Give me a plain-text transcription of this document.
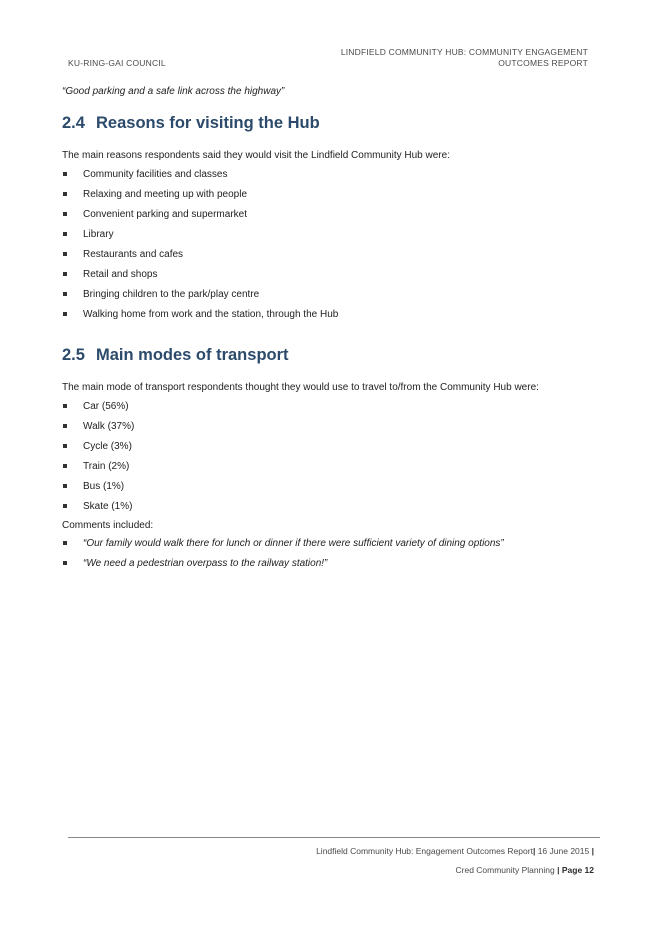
KU-RING-GAI COUNCIL
LINDFIELD COMMUNITY HUB: COMMUNITY ENGAGEMENT
OUTCOMES REPORT

“Good parking and a safe link across the highway”

2.4 Reasons for visiting the Hub

The main reasons respondents said they would visit the Lindfield Community Hub were:

Community facilities and classes
Relaxing and meeting up with people
Convenient parking and supermarket
Library
Restaurants and cafes
Retail and shops
Bringing children to the park/play centre
Walking home from work and the station, through the Hub
2.5 Main modes of transport

The main mode of transport respondents thought they would use to travel to/from the Community Hub were:

Car (56%)
Walk (37%)
Cycle (3%)
Train (2%)
Bus (1%)
Skate (1%)

Comments included:

“Our family would walk there for lunch or dinner if there were sufficient variety of dining options”
“We need a pedestrian overpass to the railway station!”
Lindfield Community Hub: Engagement Outcomes Report| 16 June 2015 |
Cred Community Planning | Page 12
